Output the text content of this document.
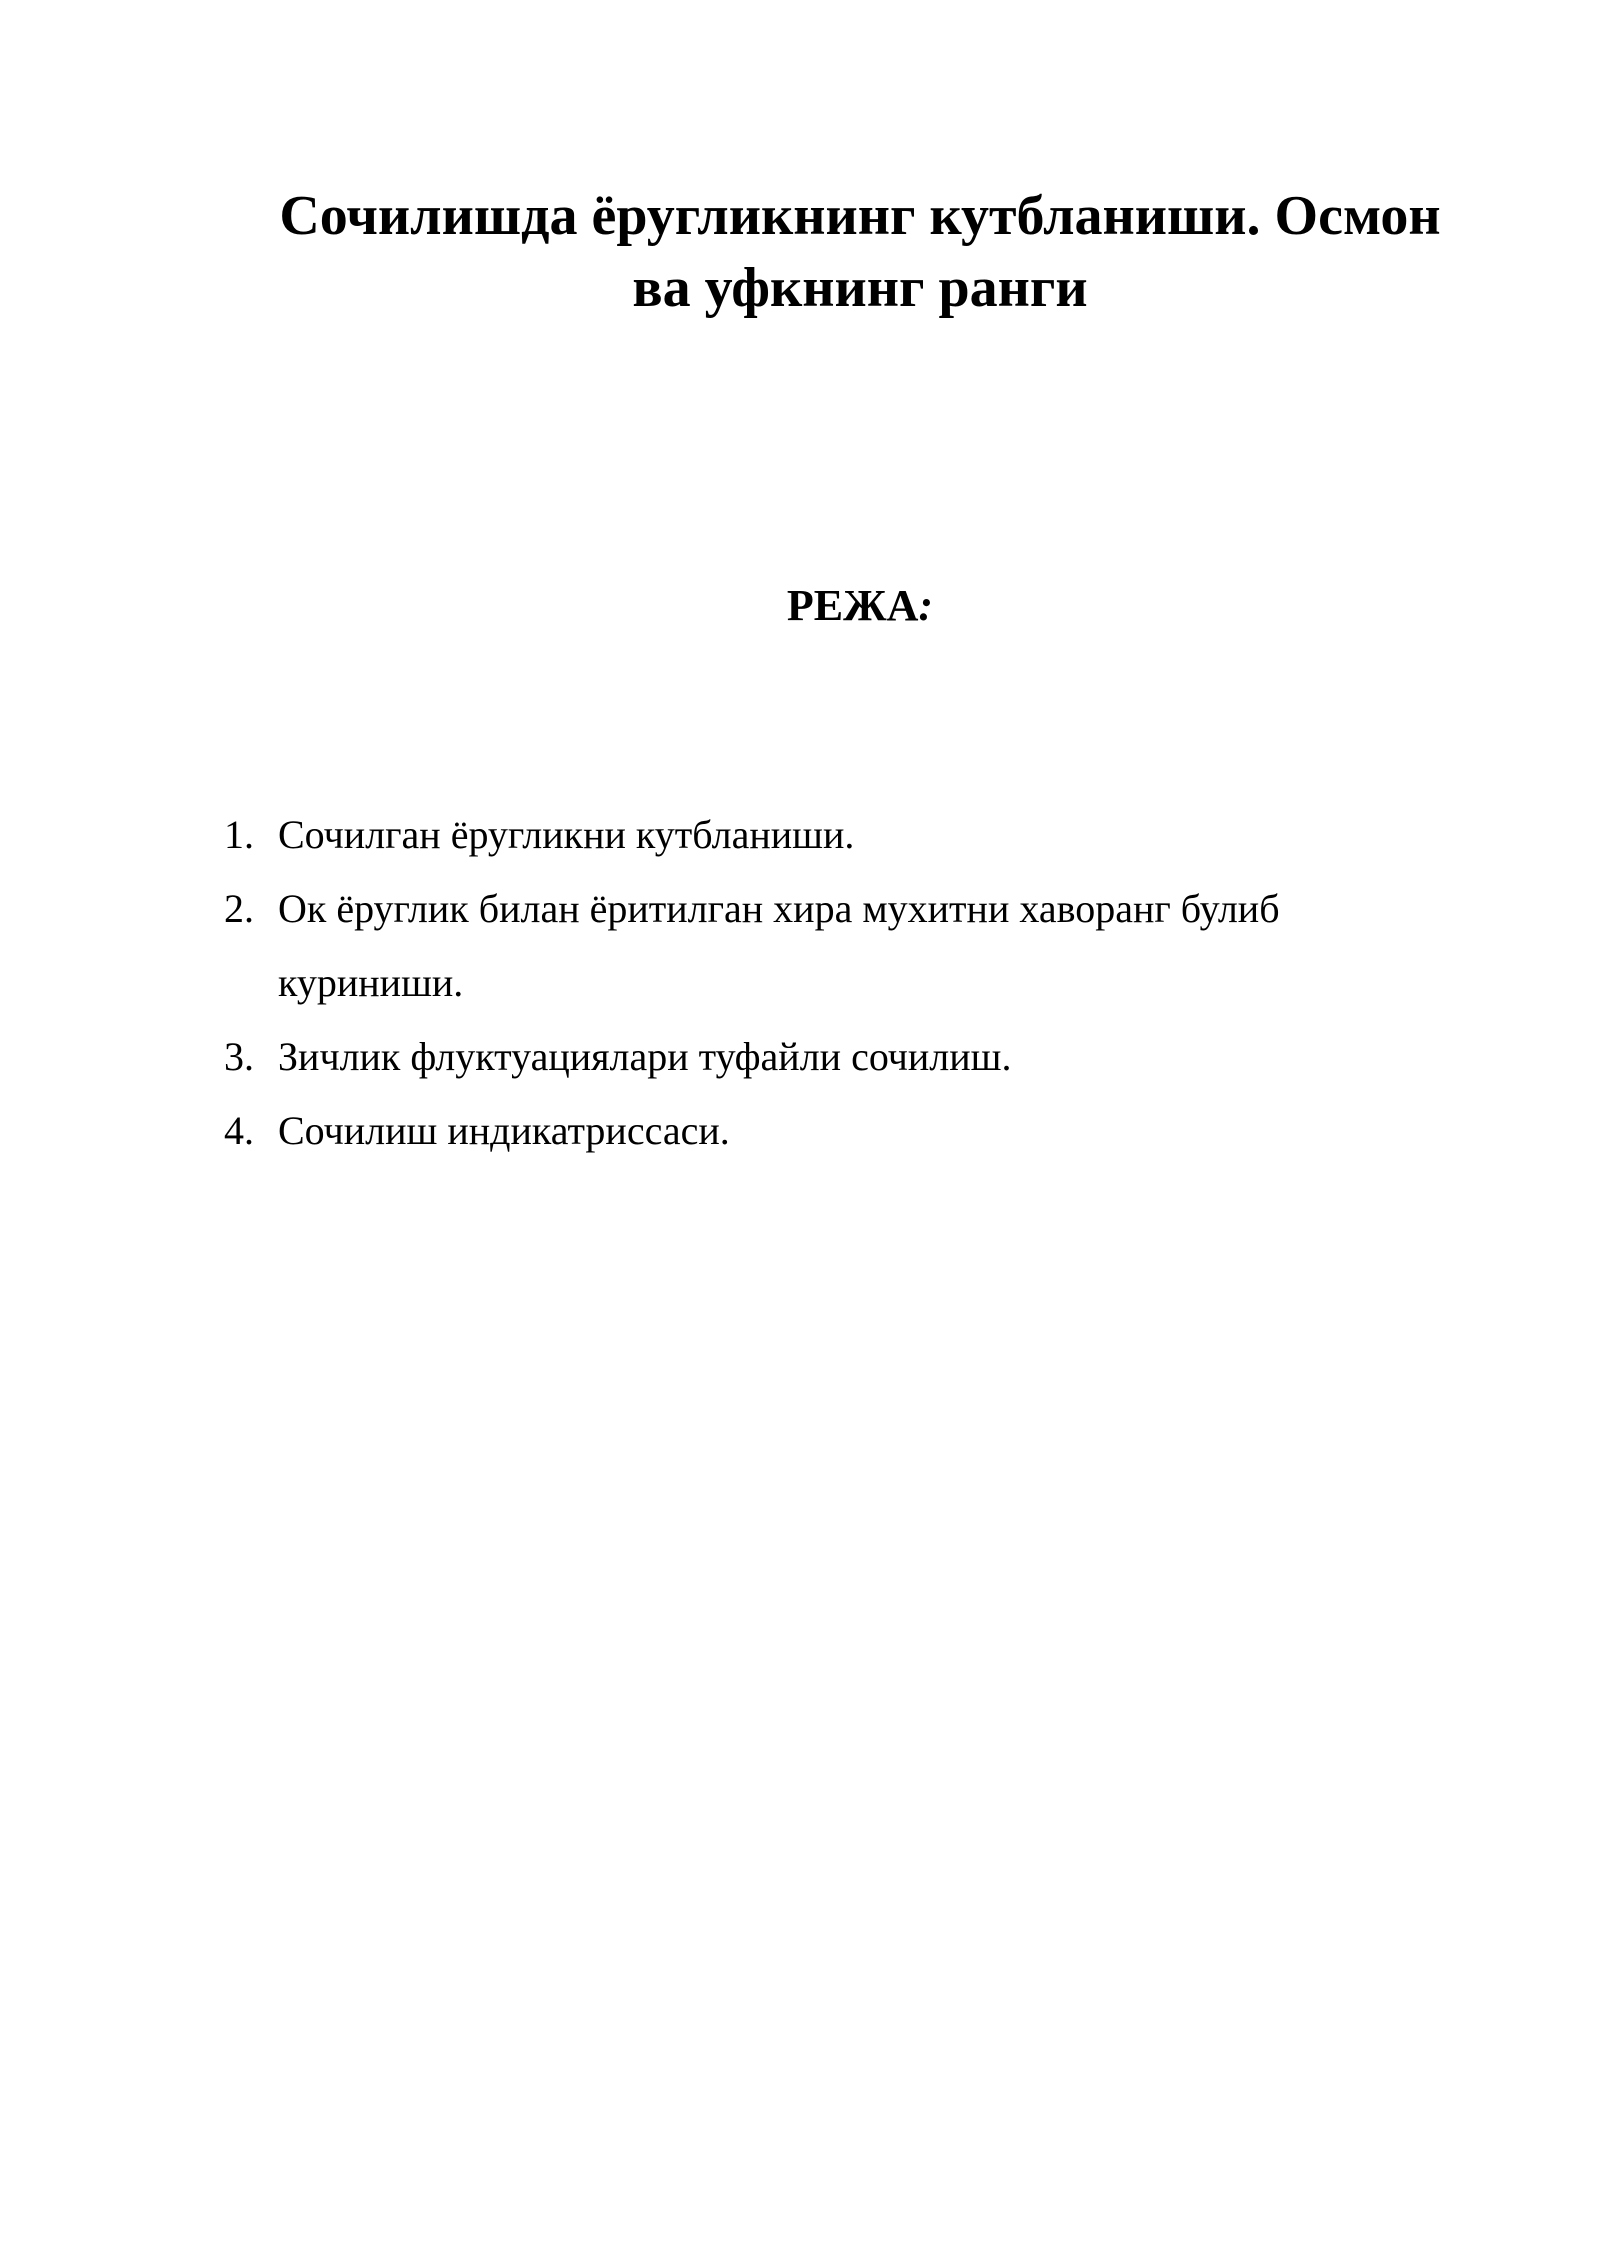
Сочилишда ёругликнинг кутбланиши. Осмон
ва уфкнинг ранги
РЕЖА:
1. Сочилган ёругликни кутбланиши.
2. Ок ёруглик билан ёритилган хира мухитни хаворанг булиб куриниши.
3. Зичлик флуктуациялари туфайли сочилиш.
4. Сочилиш индикатриссаси.
